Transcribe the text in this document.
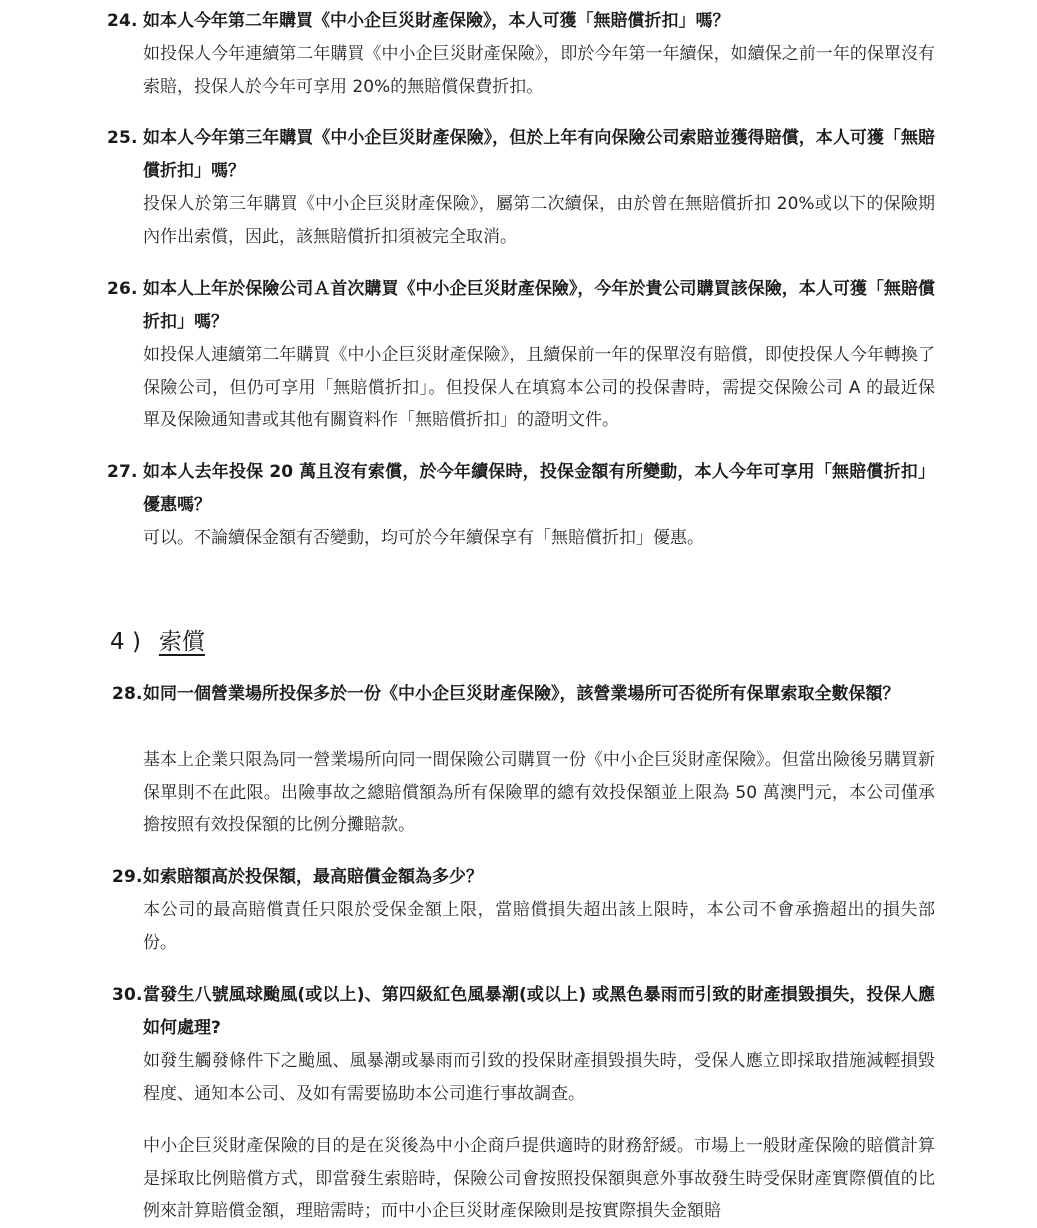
24. 如本人今年第二年購買《中小企巨災財產保險》，本人可獲「無賠償折扣」嗎？

如投保人今年連續第二年購買《中小企巨災財產保險》，即於今年第一年續保，如續保之前一年的保單沒有索賠，投保人於今年可享用 20%的無賠償保費折扣。

25. 如本人今年第三年購買《中小企巨災財產保險》，但於上年有向保險公司索賠並獲得賠償，本人可獲「無賠償折扣」嗎？

投保人於第三年購買《中小企巨災財產保險》，屬第二次續保，由於曾在無賠償折扣 20%或以下的保險期內作出索償，因此，該無賠償折扣須被完全取消。

26. 如本人上年於保險公司Ａ首次購買《中小企巨災財產保險》，今年於貴公司購買該保險，本人可獲「無賠償折扣」嗎？

如投保人連續第二年購買《中小企巨災財產保險》，且續保前一年的保單沒有賠償，即使投保人今年轉換了保險公司，但仍可享用「無賠償折扣」。但投保人在填寫本公司的投保書時，需提交保險公司 A 的最近保單及保險通知書或其他有關資料作「無賠償折扣」的證明文件。

27. 如本人去年投保 20 萬且沒有索償，於今年續保時，投保金額有所變動，本人今年可享用「無賠償折扣」優惠嗎？

可以。不論續保金額有否變動，均可於今年續保享有「無賠償折扣」優惠。

4 ) 索償
28. 如同一個營業場所投保多於一份《中小企巨災財產保險》，該營業場所可否從所有保單索取全數保額？

基本上企業只限為同一營業場所向同一間保險公司購買一份《中小企巨災財產保險》。但當出險後另購買新保單則不在此限。出險事故之總賠償額為所有保險單的總有效投保額並上限為 50 萬澳門元，本公司僅承擔按照有效投保額的比例分攤賠款。

29. 如索賠額高於投保額，最高賠償金額為多少？

本公司的最高賠償責任只限於受保金額上限，當賠償損失超出該上限時，本公司不會承擔超出的損失部份。

30. 當發生八號風球颱風(或以上)、第四級紅色風暴潮(或以上) 或黑色暴雨而引致的財產損毀損失，投保人應如何處理?

如發生觸發條件下之颱風、風暴潮或暴雨而引致的投保財產損毀損失時，受保人應立即採取措施減輕損毀程度、通知本公司、及如有需要協助本公司進行事故調查。

中小企巨災財產保險的目的是在災後為中小企商戶提供適時的財務舒緩。市場上一般財產保險的賠償計算是採取比例賠償方式，即當發生索賠時，保險公司會按照投保額與意外事故發生時受保財產實際價值的比例來計算賠償金額，理賠需時；而中小企巨災財產保險則是按實際損失金額賠
